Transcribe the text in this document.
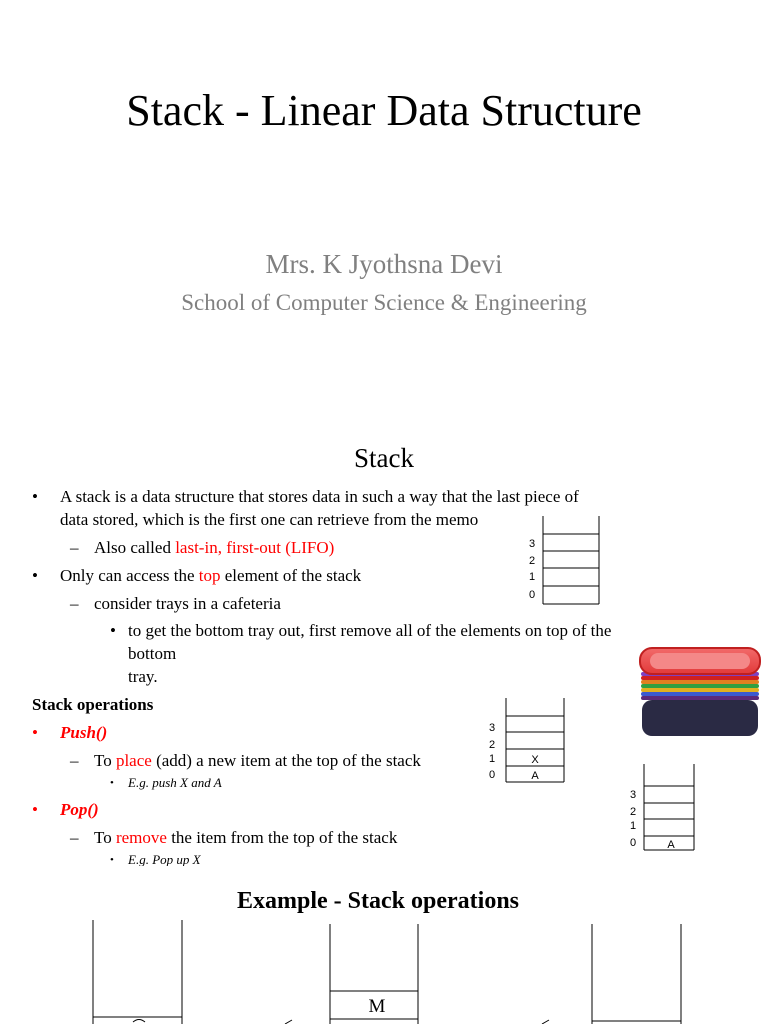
Stack - Linear Data Structure
Mrs. K Jyothsna Devi
School of Computer Science & Engineering
Stack
• A stack is a data structure that stores data in such a way that the last piece of
data stored, which is the first one can retrieve from the memo
– Also called last-in, first-out (LIFO)
• Only can access the top element of the stack
– consider trays in a cafeteria
• to get the bottom tray out, first remove all of the elements on top of the
bottom
tray.
3
2
1
0
Stack operations
• Push()
– To place (add) a new item at the top of the stack
• E.g. push X and A
• Pop()
– To remove the item from the top of the stack
• E.g. Pop up X
3
2
1
0
X
A
3
2
1
0	A
Example - Stack operations
M
